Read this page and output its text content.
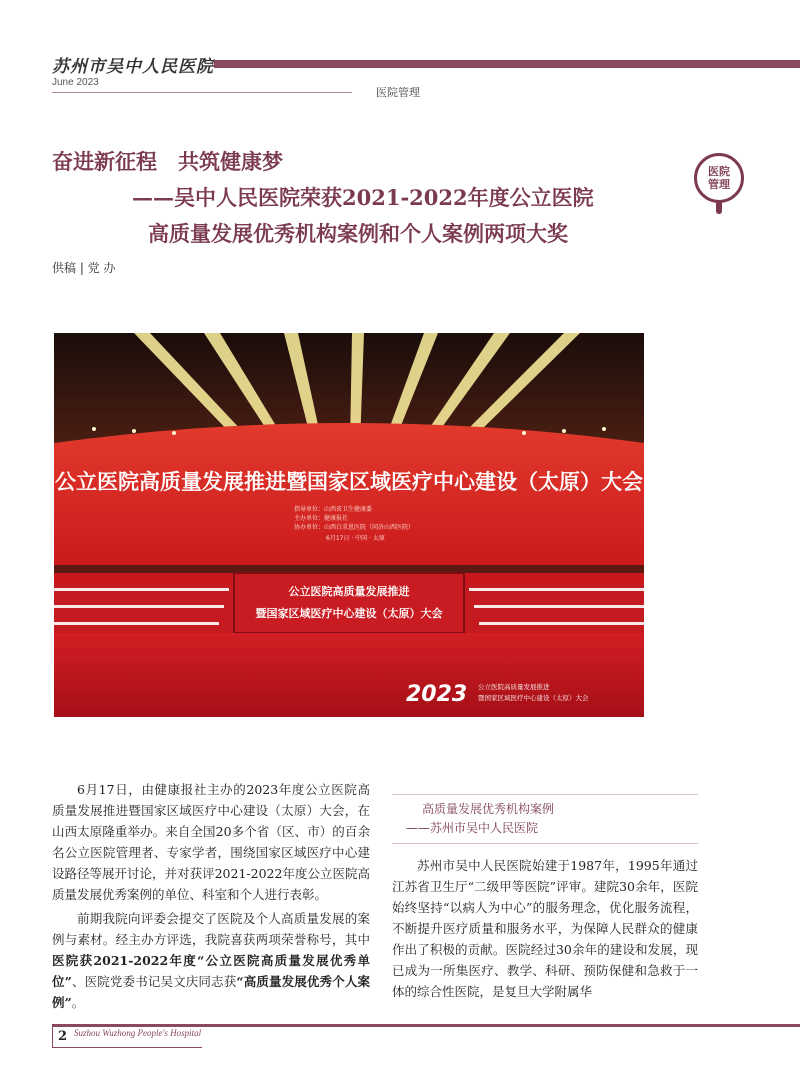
苏州市吴中人民医院
June 2023
医院管理
奋进新征程　共筑健康梦
——吴中人民医院荣获2021-2022年度公立医院
高质量发展优秀机构案例和个人案例两项大奖
医院
管理
供稿 | 党 办
公立医院高质量发展推进暨国家区域医疗中心建设（太原）大会
指导单位：山西省卫生健康委
主办单位：健康报社
协办单位：山西白求恩医院（同济山西医院）
6月17日 · 中国 · 太原
公立医院高质量发展推进
暨国家区域医疗中心建设（太原）大会
2023 公立医院高质量发展推进
暨国家区域医疗中心建设（太原）大会

6月17日，由健康报社主办的2023年度公立医院高质量发展推进暨国家区域医疗中心建设（太原）大会，在山西太原隆重举办。来自全国20多个省（区、市）的百余名公立医院管理者、专家学者，围绕国家区域医疗中心建设路径等展开讨论，并对获评2021-2022年度公立医院高质量发展优秀案例的单位、科室和个人进行表彰。

前期我院向评委会提交了医院及个人高质量发展的案例与素材。经主办方评选，我院喜获两项荣誉称号，其中医院获2021-2022年度“公立医院高质量发展优秀单位”、医院党委书记吴文庆同志获“高质量发展优秀个人案例”。

高质量发展优秀机构案例
——苏州市吴中人民医院

苏州市吴中人民医院始建于1987年，1995年通过江苏省卫生厅“二级甲等医院”评审。建院30余年，医院始终坚持“以病人为中心”的服务理念，优化服务流程，不断提升医疗质量和服务水平，为保障人民群众的健康作出了积极的贡献。医院经过30余年的建设和发展，现已成为一所集医疗、教学、科研、预防保健和急救于一体的综合性医院，是复旦大学附属华

2 Suzhou Wuzhong People's Hospital
